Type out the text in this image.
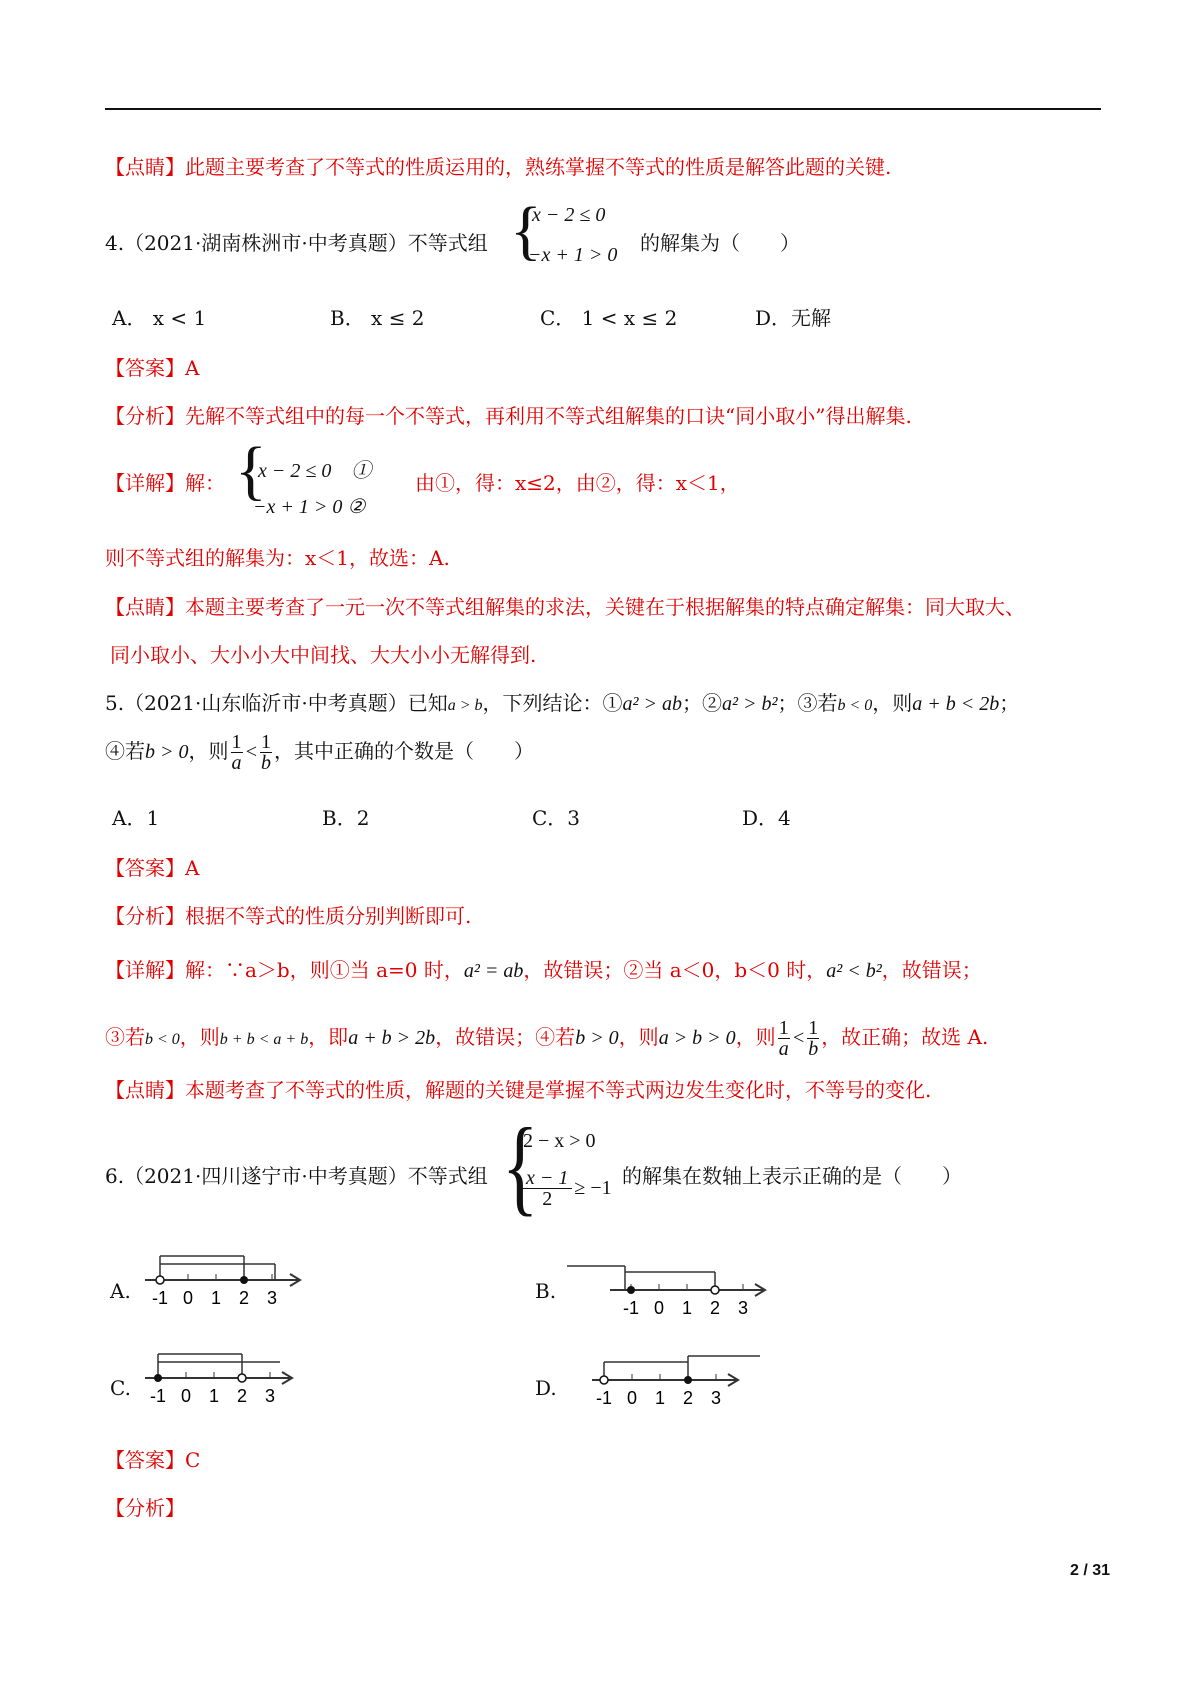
【点睛】此题主要考查了不等式的性质运用的，熟练掌握不等式的性质是解答此题的关键.
4.（2021·湖南株洲市·中考真题）不等式组 {
x − 2 ≤ 0
−x + 1 > 0 的解集为（　　）
A． x < 1	B． x ≤ 2	C． 1 < x ≤ 2	D．无解
【答案】A
【分析】先解不等式组中的每一个不等式，再利用不等式组解集的口诀“同小取小”得出解集.
【详解】解： {
x − 2 ≤ 0　①
−x + 1 > 0 ②
由①，得：x≤2，由②，得：x＜1，
则不等式组的解集为：x＜1，故选：A.
【点睛】本题主要考查了一元一次不等式组解集的求法，关键在于根据解集的特点确定解集：同大取大、
同小取小、大小小大中间找、大大小小无解得到.
5.（2021·山东临沂市·中考真题）已知a > b，下列结论：①a² > ab；②a² > b²；③若b < 0，则a + b < 2b；
④若b > 0，则 $\frac{1}{a} < \frac{1}{b}$ ，其中正确的个数是（　　）
A．1	B．2	C．3	D．4
【答案】A
【分析】根据不等式的性质分别判断即可.
【详解】解：∵a＞b，则①当 a=0 时，a² = ab，故错误；②当 a＜0，b＜0 时，a² < b²，故错误；
③若b < 0，则b + b < a + b，即a + b > 2b，故错误；④若b > 0，则a > b > 0，则 $\frac{1}{a} < \frac{1}{b}$ ，故正确；故选 A.
【点睛】本题考查了不等式的性质，解题的关键是掌握不等式两边发生变化时，不等号的变化.
6.（2021·四川遂宁市·中考真题）不等式组 {
2 − x > 0
$\frac{x - 1}{2} \ge -1$ 的解集在数轴上表示正确的是（　　）
A. -1 0 1 2 3	B.
-1 0 1 2 3
C. -1 0 1 2 3	D. -1 0 1 2 3
【答案】C
【分析】
2 / 31
